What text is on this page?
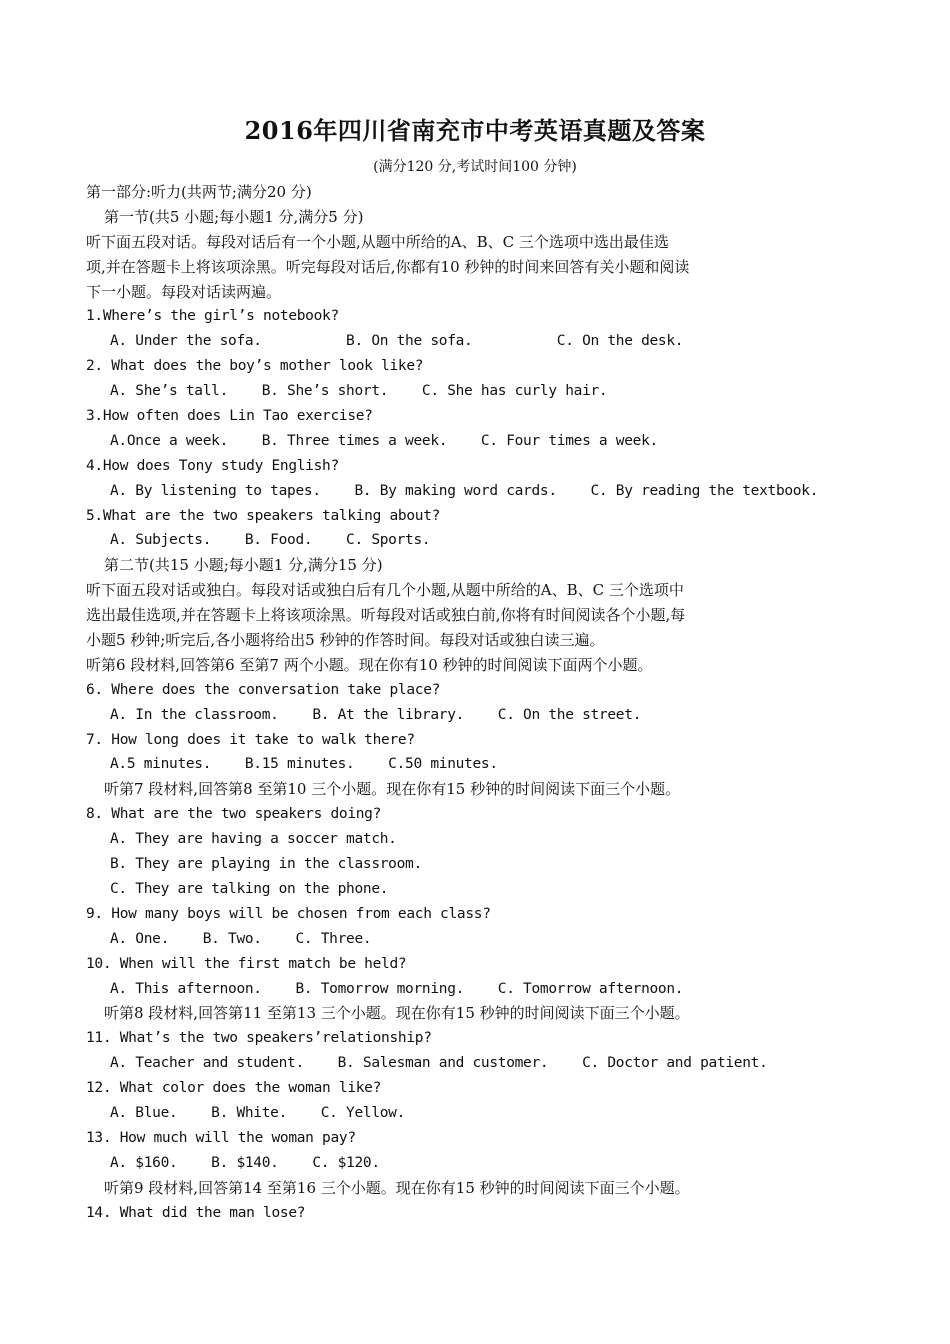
2016年四川省南充市中考英语真题及答案
(满分120 分,考试时间100 分钟)
第一部分:听力(共两节;满分20 分)
第一节(共5 小题;每小题1 分,满分5 分)
听下面五段对话。每段对话后有一个小题,从题中所给的A、B、C 三个选项中选出最佳选
项,并在答题卡上将该项涂黑。听完每段对话后,你都有10 秒钟的时间来回答有关小题和阅读
下一小题。每段对话读两遍。
1.Where’s the girl’s notebook?
A. Under the sofa.          B. On the sofa.          C. On the desk.
2. What does the boy’s mother look like?
A. She’s tall.    B. She’s short.    C. She has curly hair.
3.How often does Lin Tao exercise?
A.Once a week.    B. Three times a week.    C. Four times a week.
4.How does Tony study English?
A. By listening to tapes.    B. By making word cards.    C. By reading the textbook.
5.What are the two speakers talking about?
A. Subjects.    B. Food.    C. Sports.
第二节(共15 小题;每小题1 分,满分15 分)
听下面五段对话或独白。每段对话或独白后有几个小题,从题中所给的A、B、C 三个选项中
选出最佳选项,并在答题卡上将该项涂黑。听每段对话或独白前,你将有时间阅读各个小题,每
小题5 秒钟;听完后,各小题将给出5 秒钟的作答时间。每段对话或独白读三遍。
听第6 段材料,回答第6 至第7 两个小题。现在你有10 秒钟的时间阅读下面两个小题。
6. Where does the conversation take place?
A. In the classroom.    B. At the library.    C. On the street.
7. How long does it take to walk there?
A.5 minutes.    B.15 minutes.    C.50 minutes.
听第7 段材料,回答第8 至第10 三个小题。现在你有15 秒钟的时间阅读下面三个小题。
8. What are the two speakers doing?
A. They are having a soccer match.
B. They are playing in the classroom.
C. They are talking on the phone.
9. How many boys will be chosen from each class?
A. One.    B. Two.    C. Three.
10. When will the first match be held?
A. This afternoon.    B. Tomorrow morning.    C. Tomorrow afternoon.
听第8 段材料,回答第11 至第13 三个小题。现在你有15 秒钟的时间阅读下面三个小题。
11. What’s the two speakers’relationship?
A. Teacher and student.    B. Salesman and customer.    C. Doctor and patient.
12. What color does the woman like?
A. Blue.    B. White.    C. Yellow.
13. How much will the woman pay?
A. $160.    B. $140.    C. $120.
听第9 段材料,回答第14 至第16 三个小题。现在你有15 秒钟的时间阅读下面三个小题。
14. What did the man lose?
